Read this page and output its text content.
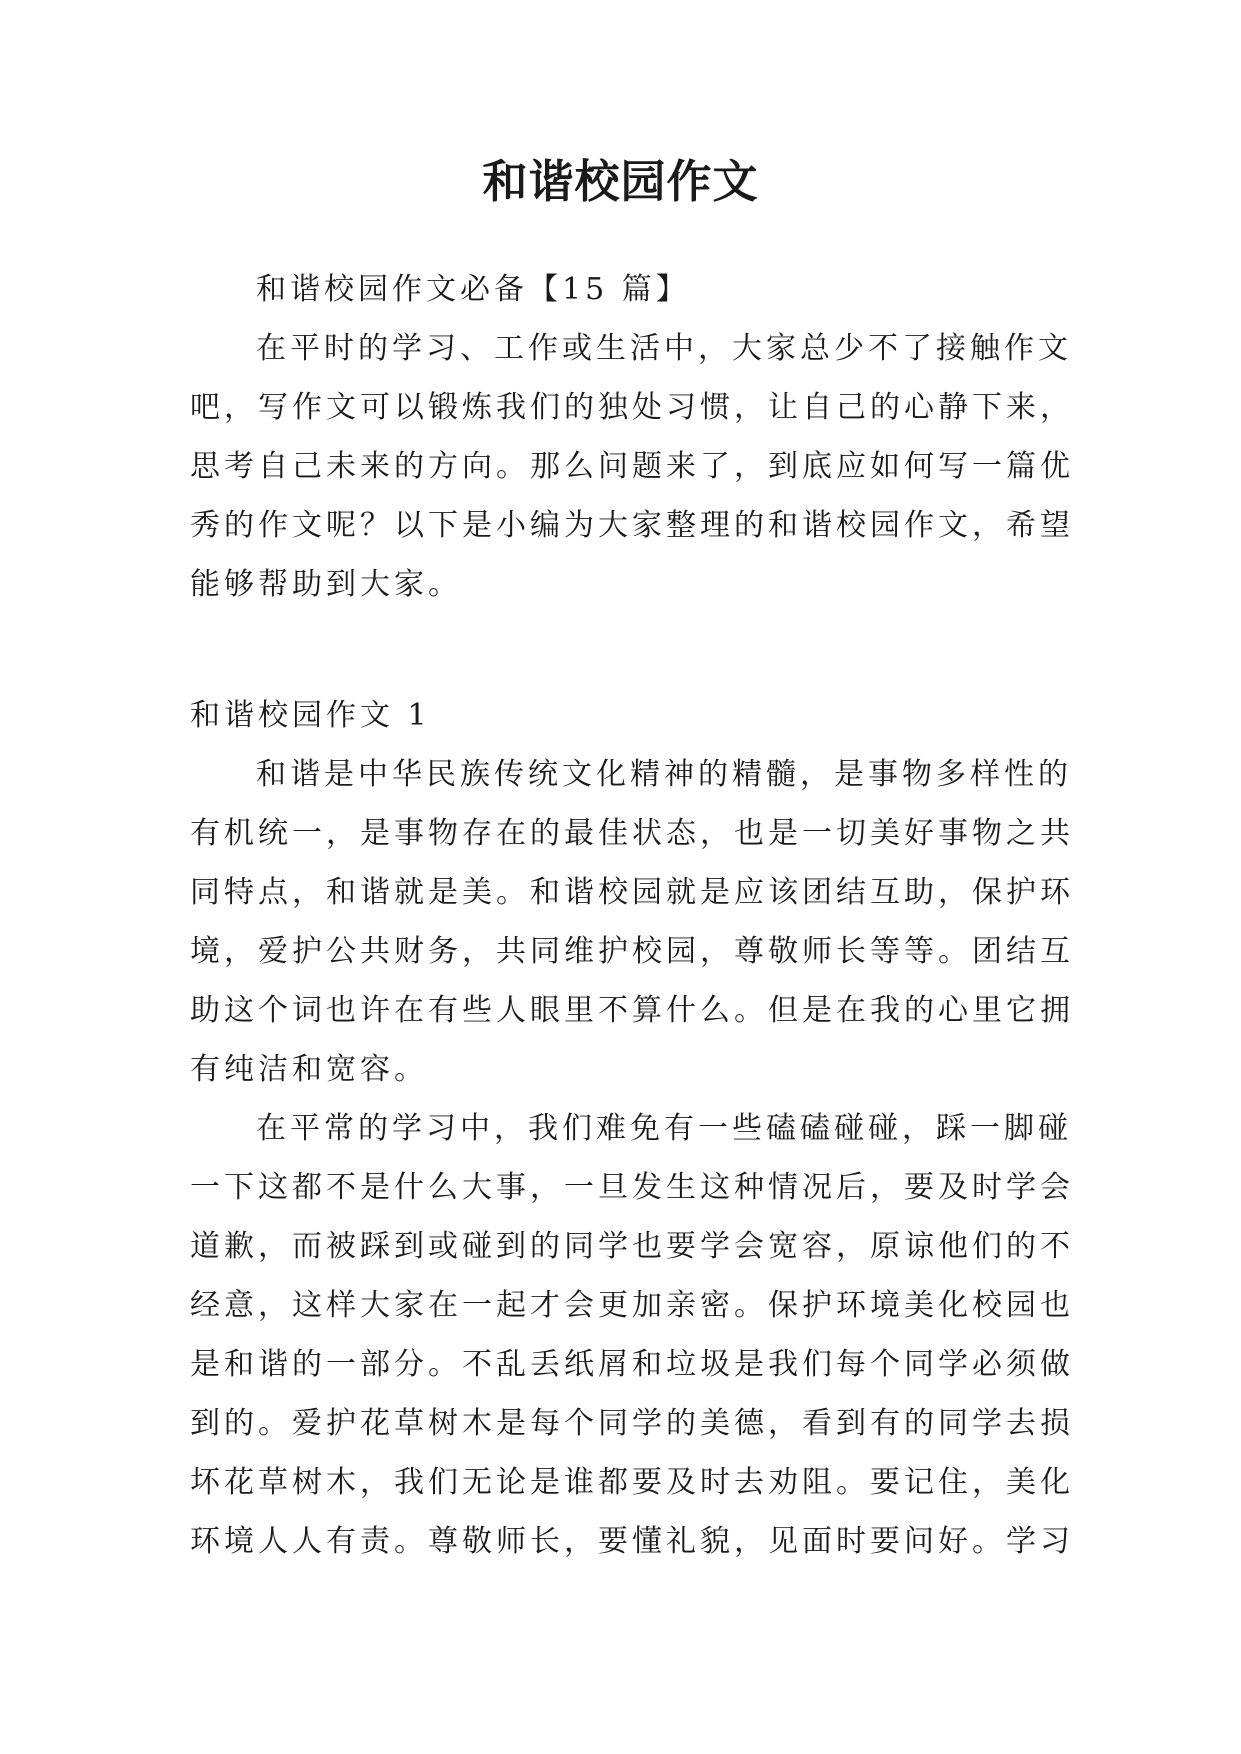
和谐校园作文
和谐校园作文必备【15 篇】
在平时的学习、工作或生活中，大家总少不了接触作文
吧，写作文可以锻炼我们的独处习惯，让自己的心静下来，
思考自己未来的方向。那么问题来了，到底应如何写一篇优
秀的作文呢？以下是小编为大家整理的和谐校园作文，希望
能够帮助到大家。
和谐校园作文 1
和谐是中华民族传统文化精神的精髓，是事物多样性的
有机统一，是事物存在的最佳状态，也是一切美好事物之共
同特点，和谐就是美。和谐校园就是应该团结互助，保护环
境，爱护公共财务，共同维护校园，尊敬师长等等。团结互
助这个词也许在有些人眼里不算什么。但是在我的心里它拥
有纯洁和宽容。
在平常的学习中，我们难免有一些磕磕碰碰，踩一脚碰
一下这都不是什么大事，一旦发生这种情况后，要及时学会
道歉，而被踩到或碰到的同学也要学会宽容，原谅他们的不
经意，这样大家在一起才会更加亲密。保护环境美化校园也
是和谐的一部分。不乱丢纸屑和垃圾是我们每个同学必须做
到的。爱护花草树木是每个同学的美德，看到有的同学去损
坏花草树木，我们无论是谁都要及时去劝阻。要记住，美化
环境人人有责。尊敬师长，要懂礼貌，见面时要问好。学习
